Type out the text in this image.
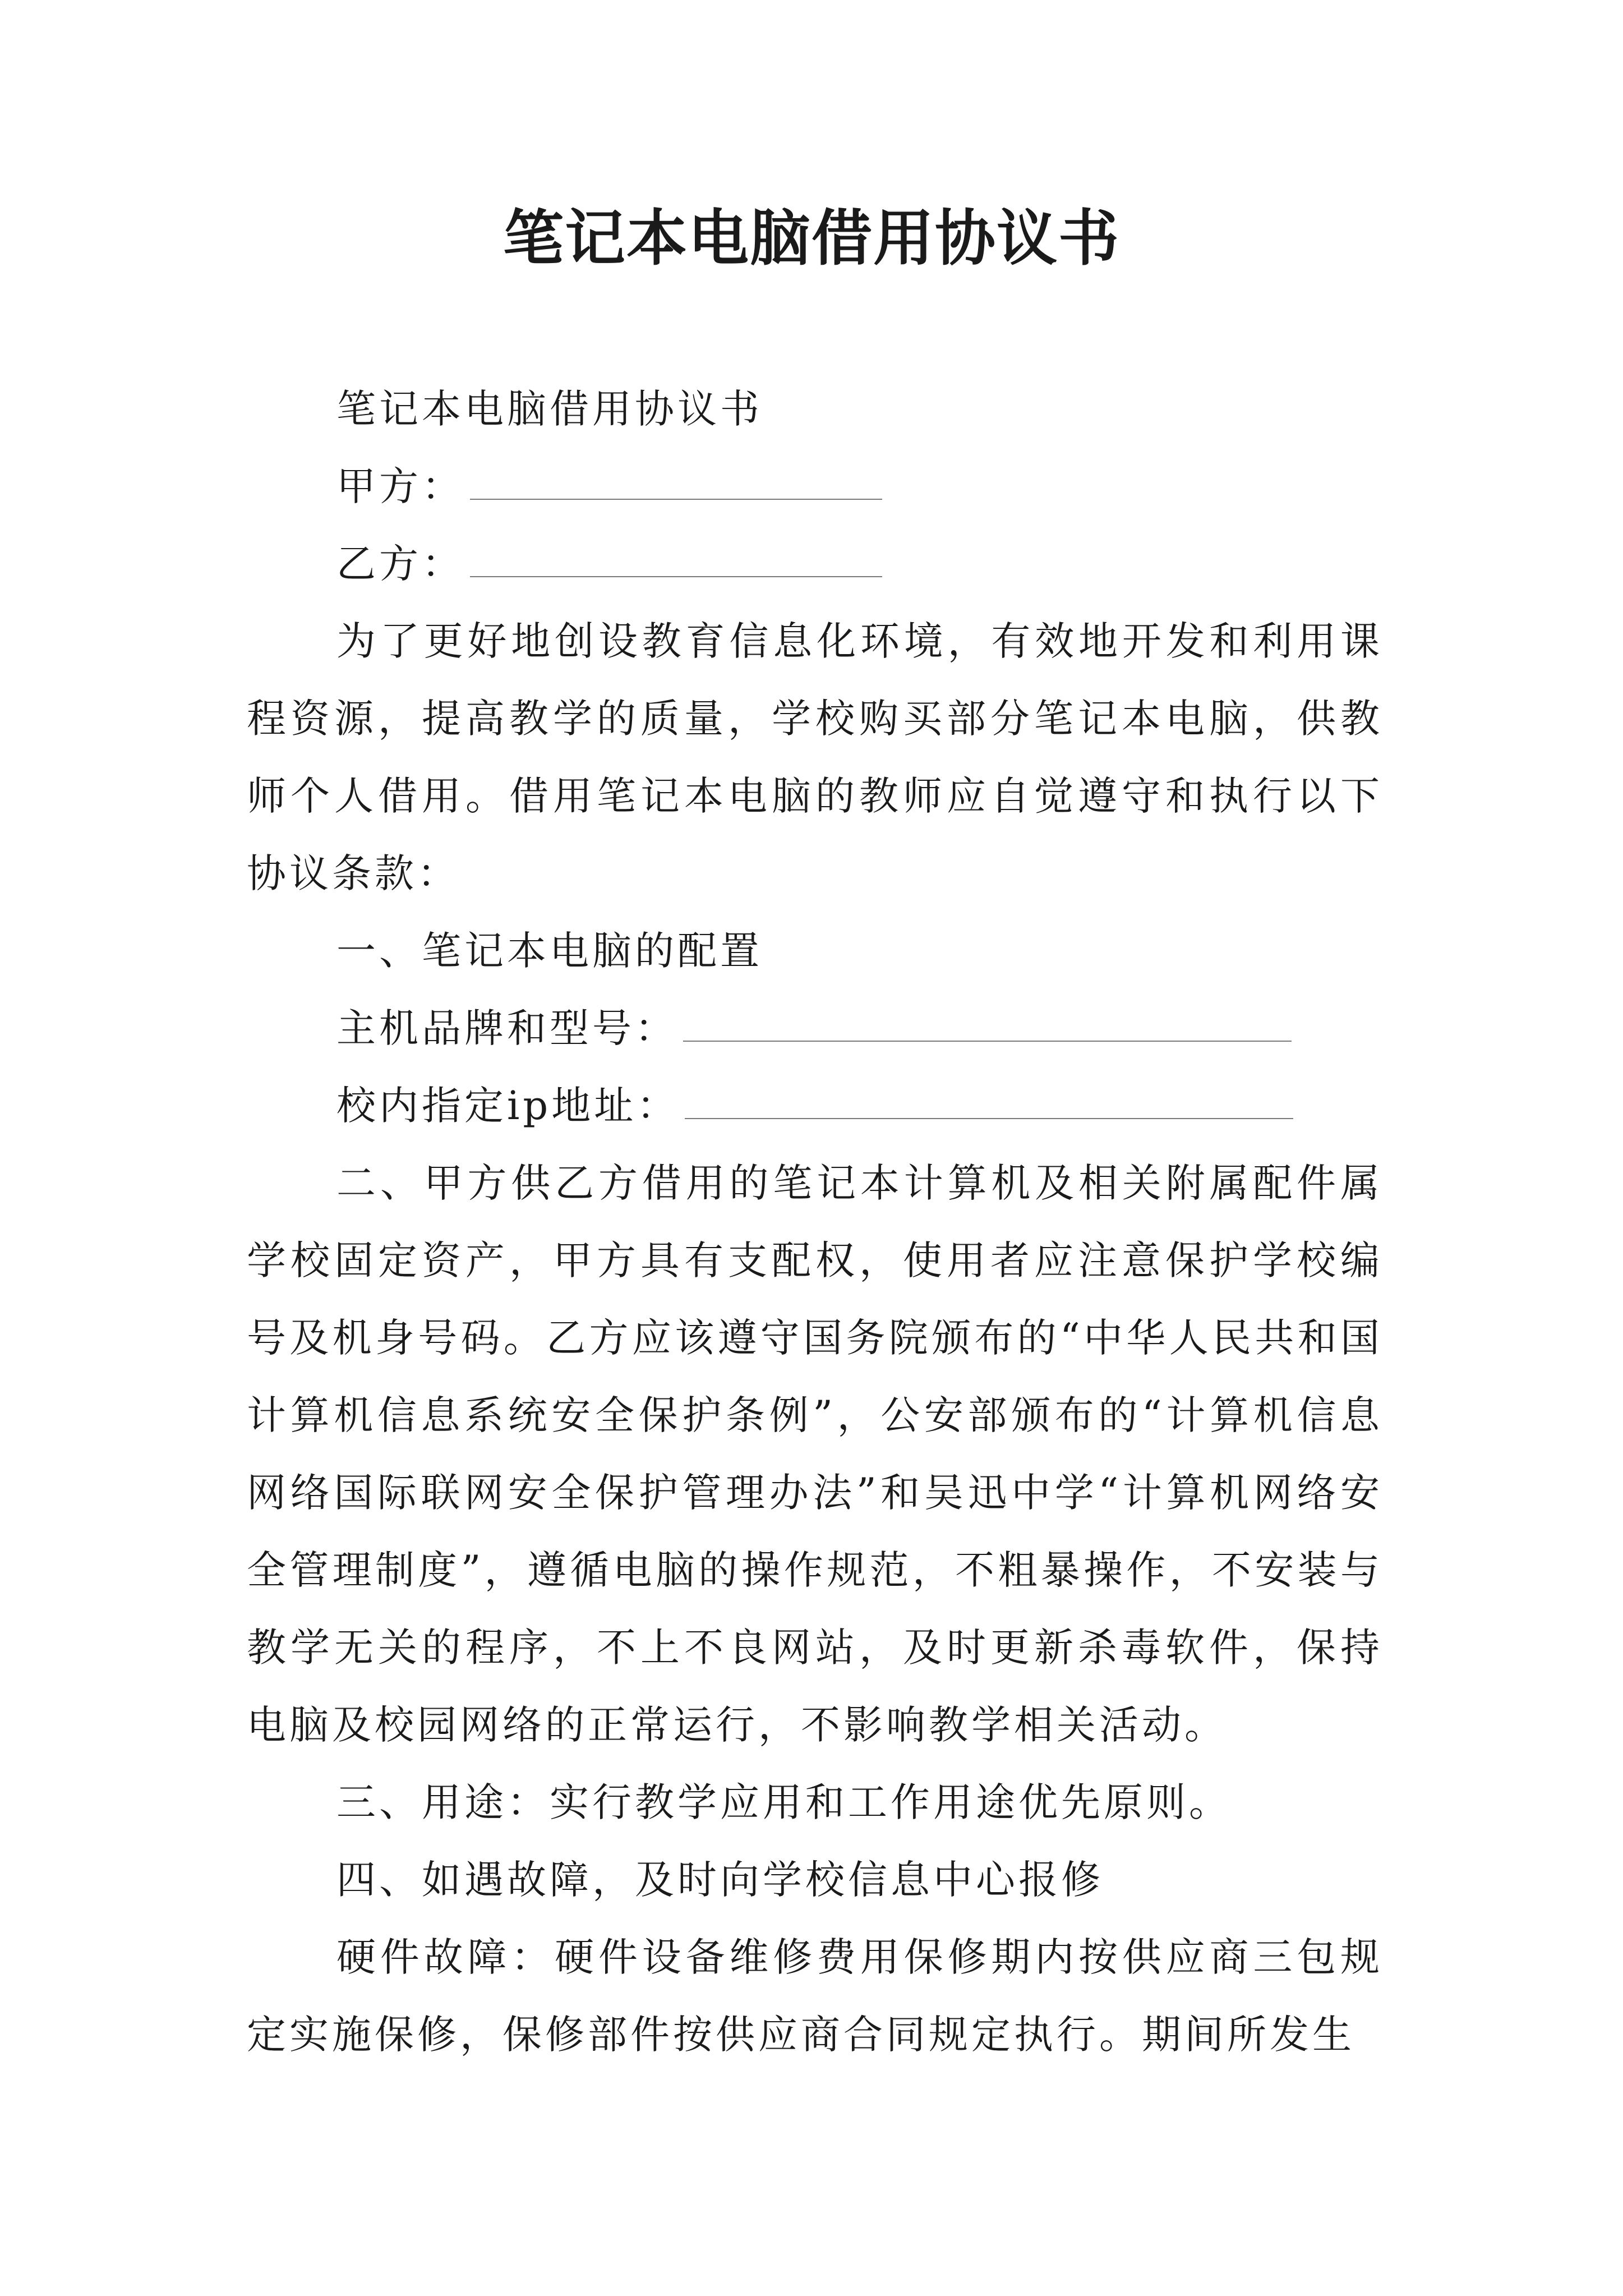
笔记本电脑借用协议书

笔记本电脑借用协议书

甲方：

乙方：

为了更好地创设教育信息化环境，有效地开发和利用课程资源，提高教学的质量，学校购买部分笔记本电脑，供教师个人借用。借用笔记本电脑的教师应自觉遵守和执行以下协议条款：

一、笔记本电脑的配置

主机品牌和型号：

校内指定ip地址：

二、甲方供乙方借用的笔记本计算机及相关附属配件属学校固定资产，甲方具有支配权，使用者应注意保护学校编号及机身号码。乙方应该遵守国务院颁布的“中华人民共和国计算机信息系统安全保护条例”，公安部颁布的“计算机信息网络国际联网安全保护管理办法”和吴迅中学“计算机网络安全管理制度”，遵循电脑的操作规范，不粗暴操作，不安装与教学无关的程序，不上不良网站，及时更新杀毒软件，保持电脑及校园网络的正常运行，不影响教学相关活动。

三、用途：实行教学应用和工作用途优先原则。

四、如遇故障，及时向学校信息中心报修

硬件故障：硬件设备维修费用保修期内按供应商三包规定实施保修，保修部件按供应商合同规定执行。期间所发生
